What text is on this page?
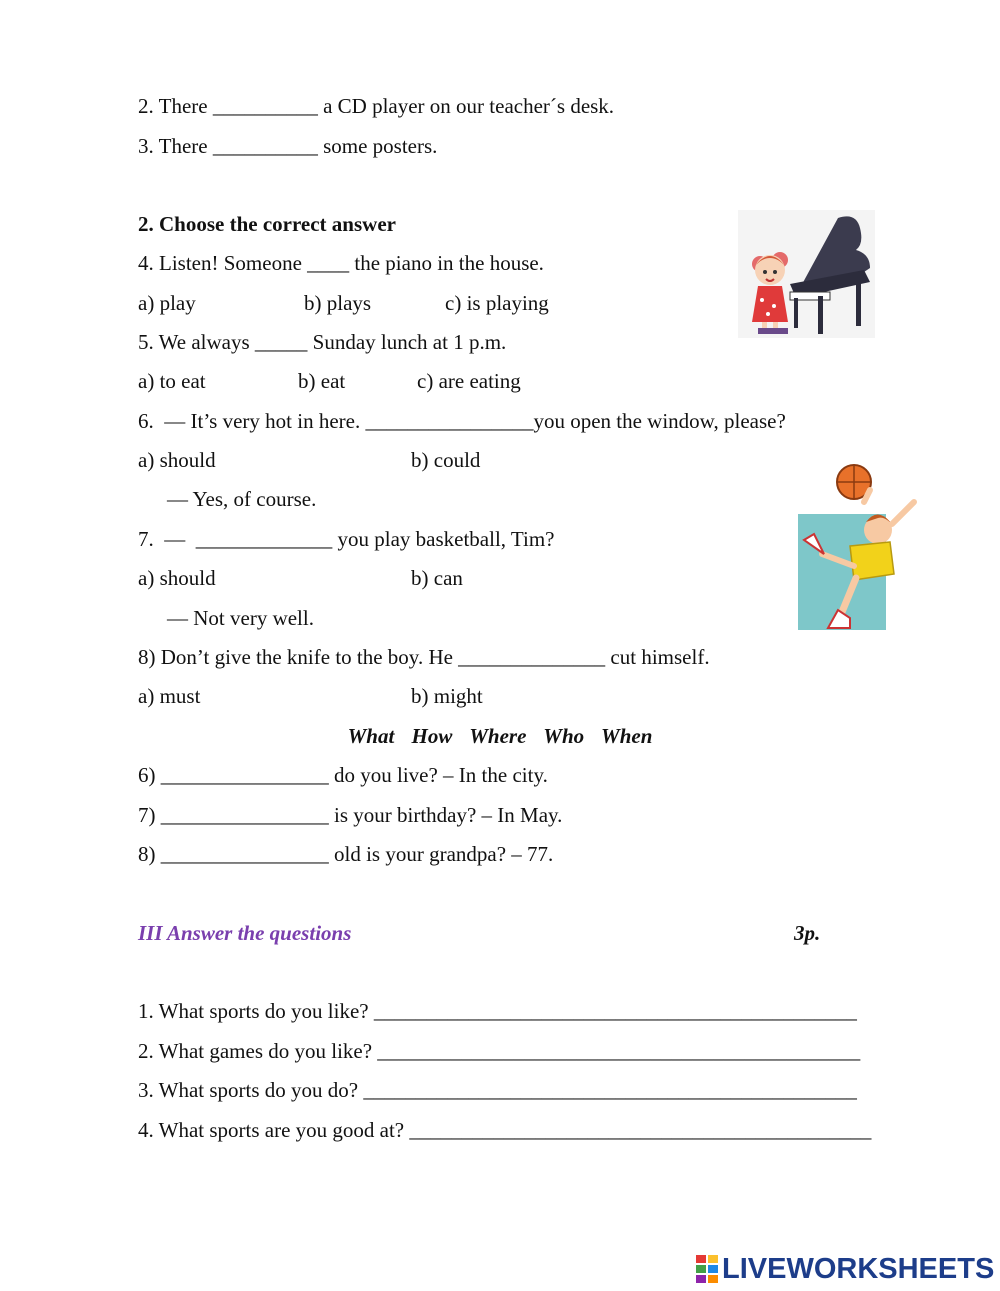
2. There __________ a CD player on our teacher´s desk.
3. There __________ some posters.
2. Choose the correct answer
4. Listen! Someone ____ the piano in the house.
a) play	b) plays	c) is playing
5. We always _____ Sunday lunch at 1 p.m.
a) to eat	b) eat	c) are eating
6.  — It’s very hot in here. ________________you open the window, please?
a) should	b) could
— Yes, of course.
7.  —  _____________ you play basketball, Tim?
a) should	b) can
— Not very well.
8) Don’t give the knife to the boy. He ______________ cut himself.
a) must	b) might
What How Where Who When
6) ________________ do you live? – In the city.
7) ________________ is your birthday? – In May.
8) ________________ old is your grandpa? – 77.
III Answer the questions	3p.
1. What sports do you like? ______________________________________________
2. What games do you like? ______________________________________________
3. What sports do you do? _______________________________________________
4. What sports are you good at? ____________________________________________
LIVEWORKSHEETS
